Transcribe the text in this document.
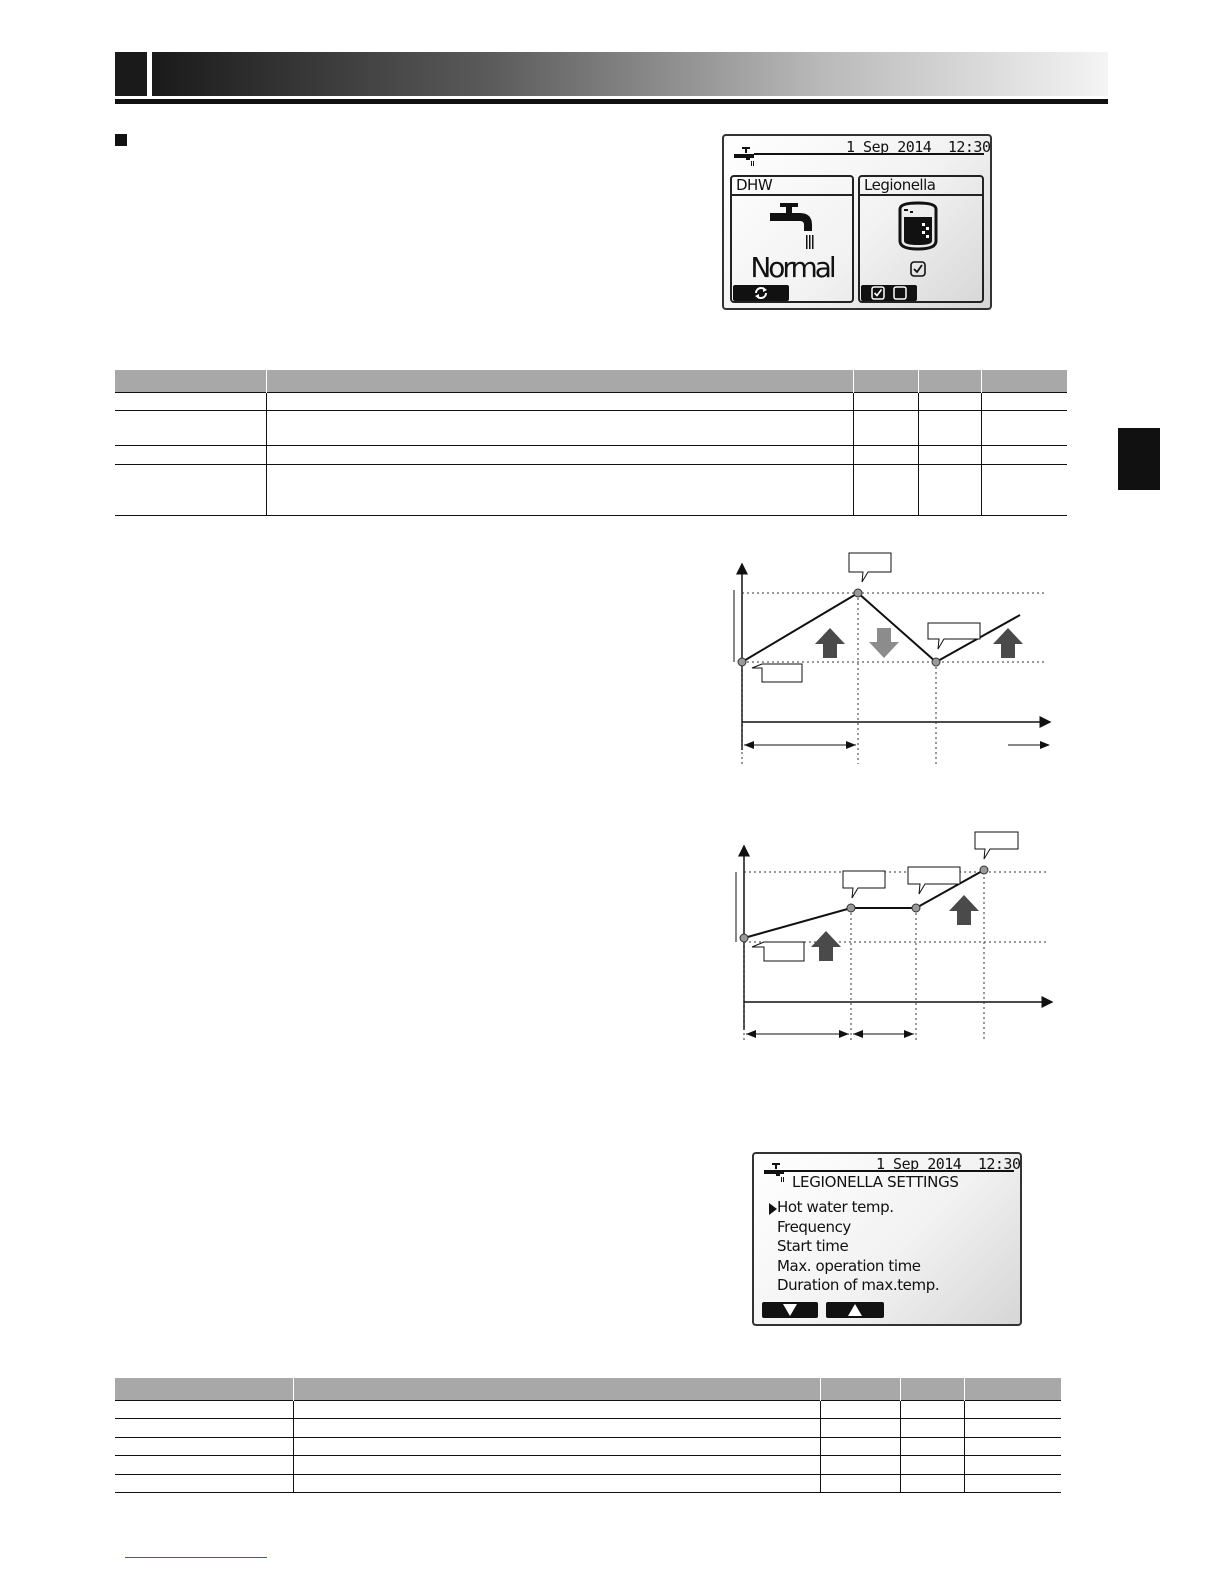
1 Sep 2014 12:30
DHW
Normal
Legionella

1 Sep 2014 12:30
LEGIONELLA SETTINGS
Hot water temp.
Frequency
Start time
Max. operation time
Duration of max.temp.
